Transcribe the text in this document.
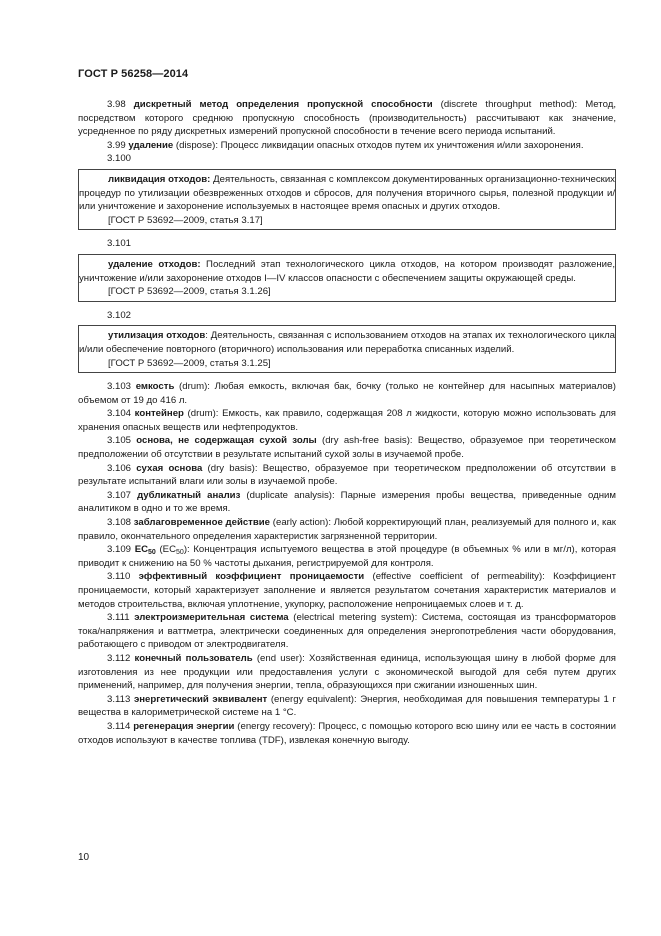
ГОСТ Р 56258—2014

3.98 дискретный метод определения пропускной способности (discrete throughput method): Метод, посредством которого среднюю пропускную способность (производительность) рассчитывают как значение, усредненное по ряду дискретных измерений пропускной способности в течение всего периода испытаний.

3.99 удаление (dispose): Процесс ликвидации опасных отходов путем их уничтожения и/или захоронения.

3.100

ликвидация отходов: Деятельность, связанная с комплексом документированных организационно-технических процедур по утилизации обезвреженных отходов и сбросов, для получения вторичного сырья, полезной продукции и/или уничтожение и захоронение используемых в настоящее время опасных и других отходов.

[ГОСТ Р 53692—2009, статья 3.17]
3.101

удаление отходов: Последний этап технологического цикла отходов, на котором производят разложение, уничтожение и/или захоронение отходов I—IV классов опасности с обеспечением защиты окружающей среды.

[ГОСТ Р 53692—2009, статья 3.1.26]
3.102

утилизация отходов: Деятельность, связанная с использованием отходов на этапах их технологического цикла и/или обеспечение повторного (вторичного) использования или переработка списанных изделий.

[ГОСТ Р 53692—2009, статья 3.1.25]

3.103 емкость (drum): Любая емкость, включая бак, бочку (только не контейнер для насыпных материалов) объемом от 19 до 416 л.

3.104 контейнер (drum): Емкость, как правило, содержащая 208 л жидкости, которую можно использовать для хранения опасных веществ или нефтепродуктов.

3.105 основа, не содержащая сухой золы (dry ash-free basis): Вещество, образуемое при теоретическом предположении об отсутствии в результате испытаний сухой золы в изучаемой пробе.

3.106 сухая основа (dry basis): Вещество, образуемое при теоретическом предположении об отсутствии в результате испытаний влаги или золы в изучаемой пробе.

3.107 дубликатный анализ (duplicate analysis): Парные измерения пробы вещества, приведенные одним аналитиком в одно и то же время.

3.108 заблаговременное действие (early action): Любой корректирующий план, реализуемый для полного и, как правило, окончательного определения характеристик загрязненной территории.

3.109 $EC_{50}$ $(EC_{50})$: Концентрация испытуемого вещества в этой процедуре (в объемных % или в мг/л), которая приводит к снижению на 50 % частоты дыхания, регистрируемой для контроля.

3.110 эффективный коэффициент проницаемости (effective coefficient of permeability): Коэффициент проницаемости, который характеризует заполнение и является результатом сочетания характеристик материалов и методов строительства, включая уплотнение, укупорку, расположение непроницаемых слоев и т. д.

3.111 электроизмерительная система (electrical metering system): Система, состоящая из трансформаторов тока/напряжения и ваттметра, электрически соединенных для определения энергопотребления части оборудования, работающего с приводом от электродвигателя.

3.112 конечный пользователь (end user): Хозяйственная единица, использующая шину в любой форме для изготовления из нее продукции или предоставления услуги с экономической выгодой для себя путем других применений, например, для получения энергии, тепла, образующихся при сжигании изношенных шин.

3.113 энергетический эквивалент (energy equivalent): Энергия, необходимая для повышения температуры 1 г вещества в калориметрической системе на 1 °С.

3.114 регенерация энергии (energy recovery): Процесс, с помощью которого всю шину или ее часть в состоянии отходов используют в качестве топлива (TDF), извлекая конечную выгоду.

10
